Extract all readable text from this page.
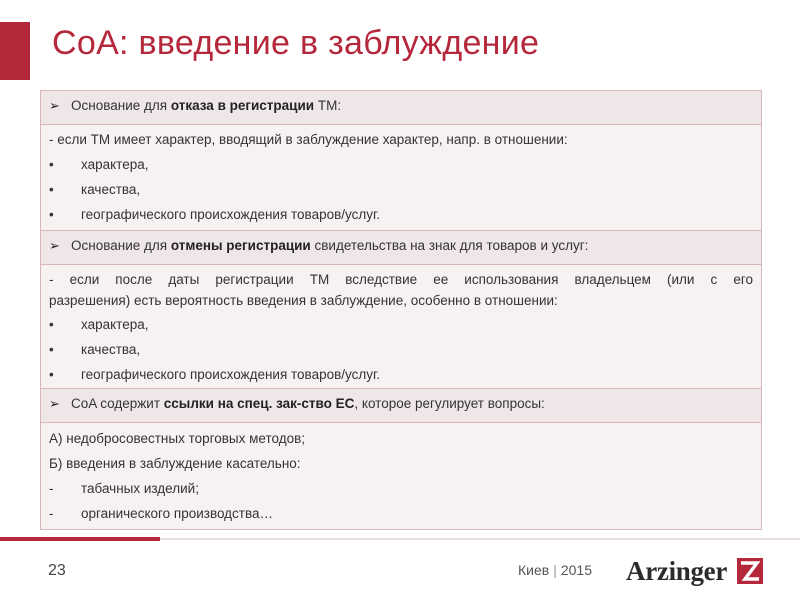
CoA: введение в заблуждение
➢ Основание для отказа в регистрации ТМ:
- если ТМ имеет характер, вводящий в заблуждение характер, напр. в отношении:
•	характера,
•	качества,
•	географического происхождения товаров/услуг.
➢ Основание для отмены регистрации свидетельства на знак для товаров и услуг:
- если после даты регистрации ТМ вследствие ее использования владельцем (или с его
разрешения) есть вероятность введения в заблуждение, особенно в отношении:
•	характера,
•	качества,
•	географического происхождения товаров/услуг.
➢ CoA содержит ссылки на спец. зак-ство ЕС, которое регулирует вопросы:
А) недобросовестных торговых методов;
Б) введения в заблуждение касательно:
-	табачных изделий;
-	органического производства…
23	Киев | 2015 Arzinger
